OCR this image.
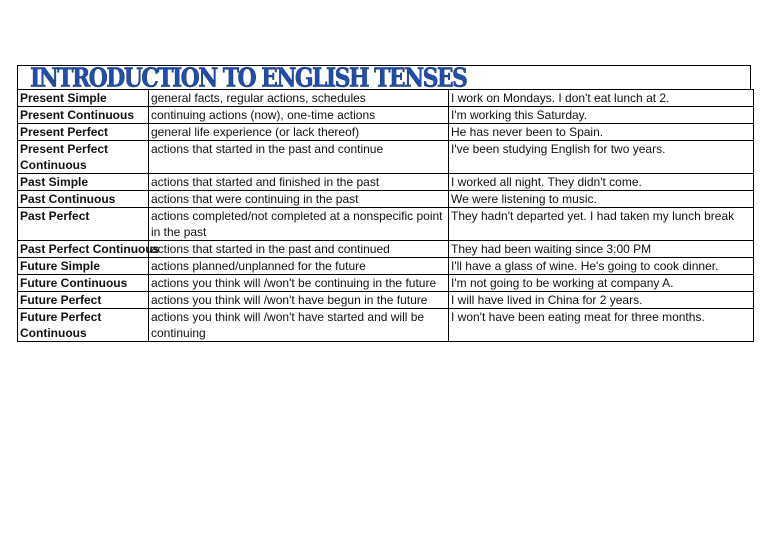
INTRODUCTION TO ENGLISH TENSES
Present Simple	general facts, regular actions, schedules	I work on Mondays. I don't eat lunch at 2.
Present Continuous	continuing actions (now), one-time actions	I'm working this Saturday.
Present Perfect	general life experience (or lack thereof)	He has never been to Spain.
Present Perfect Continuous	actions that started in the past and continue	I've been studying English for two years.
Past Simple	actions that started and finished in the past	I worked all night. They didn't come.
Past Continuous	actions that were continuing in the past	We were listening to music.
Past Perfect	actions completed/not completed at a nonspecific point in the past	They hadn't departed yet. I had taken my lunch break
Past Perfect Continuous	actions that started in the past and continued	They had been waiting since 3:00 PM
Future Simple	actions planned/unplanned for the future	I'll have a glass of wine. He's going to cook dinner.
Future Continuous	actions you think will /won't be continuing in the future	I'm not going to be working at company A.
Future Perfect	actions you think will /won't have begun in the future	I will have lived in China for 2 years.
Future Perfect Continuous	actions you think will /won't have started and will be continuing	I won't have been eating meat for three months.
